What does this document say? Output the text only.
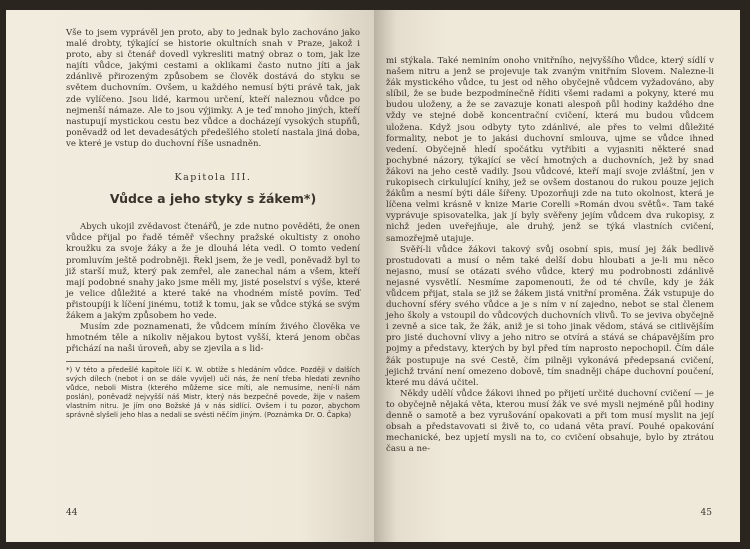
Vše to jsem vyprávěl jen proto, aby to jednak bylo zachováno jako malé drobty, týkající se historie okultních snah v Praze, jakož i proto, aby si čtenář dovedl vykresliti matný obraz o tom, jak lze najíti vůdce, jakými cestami a oklikami často nutno jíti a jak zdánlivě přirozeným způsobem se člověk dostává do styku se světem duchovním. Ovšem, u každého nemusí býti právě tak, jak zde vylíčeno. Jsou lidé, karmou určení, kteří naleznou vůdce po nejmenší námaze. Ale to jsou výjimky. A je teď mnoho jiných, kteří nastupují mystickou cestu bez vůdce a docházejí vysokých stupňů, poněvadž od let devadesátých předešlého století nastala jiná doba, ve které je vstup do duchovní říše usnadněn.

Kapitola III.
Vůdce a jeho styky s žákem*)

Abych ukojil zvědavost čtenářů, je zde nutno pověděti, že onen vůdce přijal po řadě téměř všechny pražské okultisty z onoho kroužku za svoje žáky a že je dlouhá léta vedl. O tomto vedení promluvím ještě podrobněji. Řekl jsem, že je vedl, poněvadž byl to již starší muž, který pak zemřel, ale zanechal nám a všem, kteří mají podobné snahy jako jsme měli my, jisté poselství s výše, které je velice důležité a které také na vhodném místě povím. Teď přistoupíji k líčení jinému, totiž k tomu, jak se vůdce stýká se svým žákem a jakým způsobem ho vede.

Musím zde poznamenati, že vůdcem míním živého člověka ve hmotném těle a nikoliv nějakou bytost vyšší, která jenom občas přichází na naši úroveň, aby se zjevila a s lid-

*) V této a předešlé kapitole líčí K. W. obtíže s hledáním vůdce. Později v dalších svých dílech (nebot i on se dále vyvíjel) uči nás, že není třeba hledati zevního vůdce, neboli Mistra (kterého můžeme sice míti, ale nemusíme, není-li nám poslán), poněvadž nejvyšší náš Mistr, který nás bezpečně povede, žije v našem vlastním nitru. Je jím ono Božské Já v nás sídlící. Ovšem i tu pozor, abychom správně slyšeli jeho hlas a nedali se svésti něčím jiným. (Poznámka Dr. O. Čapka)
44

mi stýkala. Také neminím onoho vnitřního, nejvyššího Vůdce, který sídlí v našem nitru a jenž se projevuje tak zvaným vnitřním Slovem. Naleznе-li žák mystického vůdce, tu jest od něho obyčejně vůdcem vyžadováno, aby slíbil, že se bude bezpodmínečně říditi všemi radami a pokyny, které mu budou uloženy, a že se zavazuje konati alespoň půl hodiny každého dne vždy ve stejné době koncentrační cvičení, která mu budou vůdcem uložena. Když jsou odbyty tyto zdánlivé, ale přes to velmi důležité formality, nebot je to jakási duchovní smlouva, ujme se vůdce ihned vedení. Obyčejně hledí spočátku vytřibiti a vyjasniti některé snad pochybné názory, týkající se věcí hmotných a duchovních, jež by snad žákovi na jeho cestě vadily. Jsou vůdcové, kteří mají svoje zvláštní, jen v rukopisech cirkulující knihy, jež se ovšem dostanou do rukou pouze jejich žákům a nesmí býti dále šířeny. Upozorňuji zde na tuto okolnost, která je líčena velmi krásně v knize Marie Corelli »Román dvou světů«. Tam také vyprávuje spisovatelka, jak jí byly svěřeny jejím vůdcem dva rukopisy, z nichž jeden uveřejňuje, ale druhý, jenž se týká vlastních cvičení, samozřejmě utajuje.

Svěří-li vůdce žákovi takový svůj osobní spis, musí jej žák bedlivě prostudovati a musí o něm také delší dobu hloubati a je-li mu něco nejasno, musí se otázati svého vůdce, který mu podrobnosti zdánlivě nejasné vysvětlí. Nesmíme zapomenouti, že od té chvíle, kdy je žák vůdcem přijat, stala se již se žákem jistá vnitřní proměna. Žák vstupuje do duchovní sféry svého vůdce a je s ním v ní zajedno, nebot se stal členem jeho školy a vstoupil do vůdcových duchovních vlivů. To se jeviva obyčejně i zevně a sice tak, že žák, aniž je si toho jinak vědom, stává se citlivějším pro jisté duchovní vlivy a jeho nitro se otvírá a stává se chápavějším pro pojmy a představy, kterých by byl před tím naprosto nepochopil. Čím dále žák postupuje na své Cestě, čím pilněji vykonává předepsaná cvičení, jejichž trvání není omezeno dobově, tím snadněji chápe duchovní poučení, které mu dává učitel.

Někdy udělí vůdce žákovi ihned po přijetí určité duchovní cvičení — je to obyčejně nějaká věta, kterou musí žák ve své mysli nejméně půl hodiny denně o samotě a bez vyrušování opakovati a při tom musí myslit na její obsah a představovati si živě to, co udaná věta praví. Pouhé opakování mechanické, bez upjetí mysli na to, co cvičení obsahuje, bylo by ztrátou času a ne-

45
